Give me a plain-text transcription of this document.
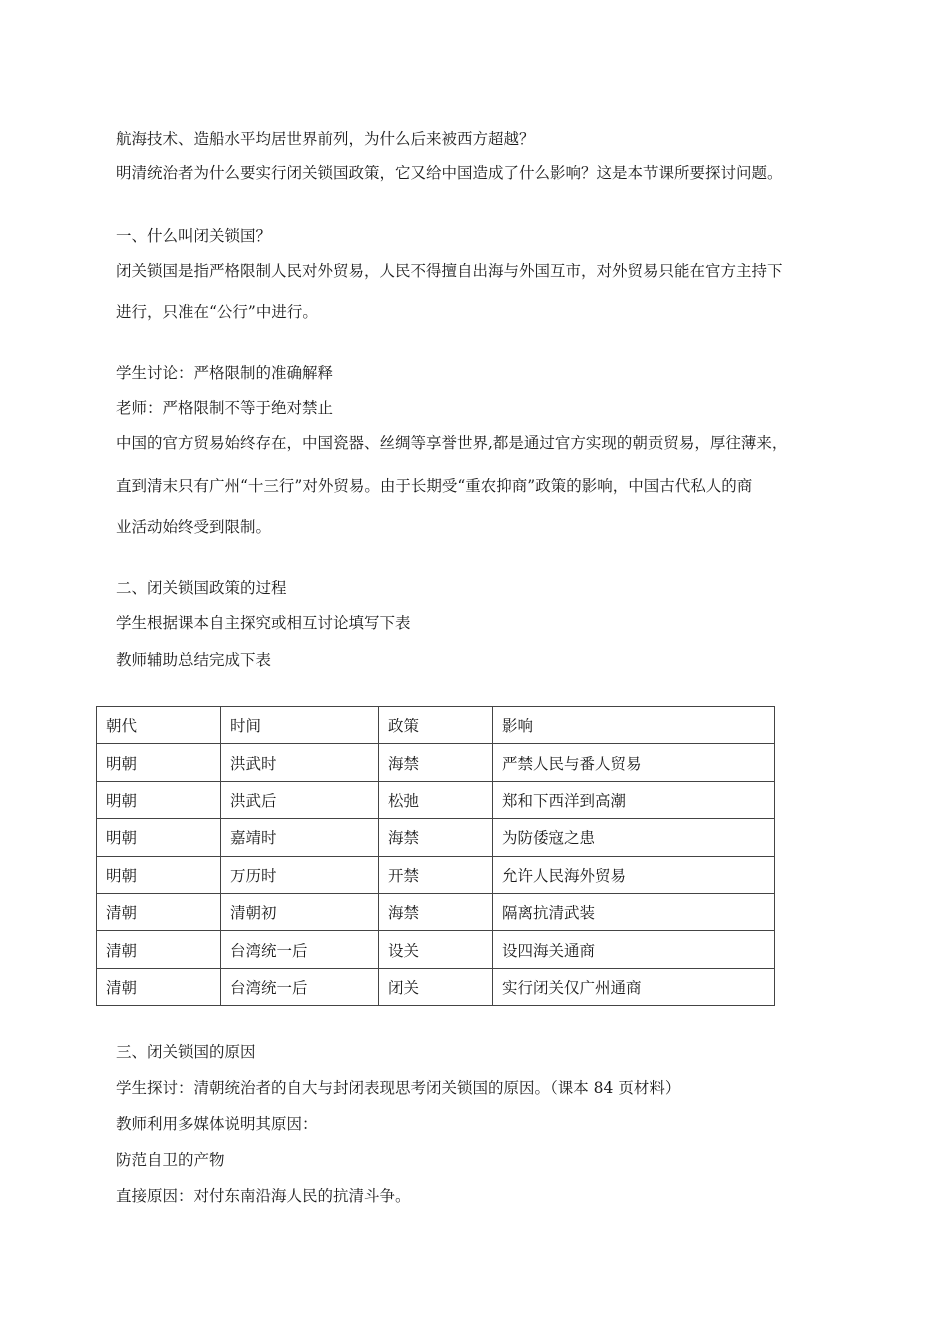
航海技术、造船水平均居世界前列，为什么后来被西方超越？

明清统治者为什么要实行闭关锁国政策，它又给中国造成了什么影响？这是本节课所要探讨问题。

一、什么叫闭关锁国？

闭关锁国是指严格限制人民对外贸易，人民不得擅自出海与外国互市，对外贸易只能在官方主持下

进行，只准在“公行”中进行。

学生讨论：严格限制的准确解释

老师：严格限制不等于绝对禁止

中国的官方贸易始终存在，中国瓷器、丝绸等享誉世界,都是通过官方实现的朝贡贸易，厚往薄来，

直到清末只有广州“十三行”对外贸易。由于长期受“重农抑商”政策的影响，中国古代私人的商

业活动始终受到限制。

二、闭关锁国政策的过程

学生根据课本自主探究或相互讨论填写下表

教师辅助总结完成下表

朝代	时间	政策	影响
明朝	洪武时	海禁	严禁人民与番人贸易
明朝	洪武后	松弛	郑和下西洋到高潮
明朝	嘉靖时	海禁	为防倭寇之患
明朝	万历时	开禁	允许人民海外贸易
清朝	清朝初	海禁	隔离抗清武装
清朝	台湾统一后	设关	设四海关通商
清朝	台湾统一后	闭关	实行闭关仅广州通商

三、闭关锁国的原因

学生探讨：清朝统治者的自大与封闭表现思考闭关锁国的原因。（课本 84 页材料）

教师利用多媒体说明其原因：

防范自卫的产物

直接原因：对付东南沿海人民的抗清斗争。
